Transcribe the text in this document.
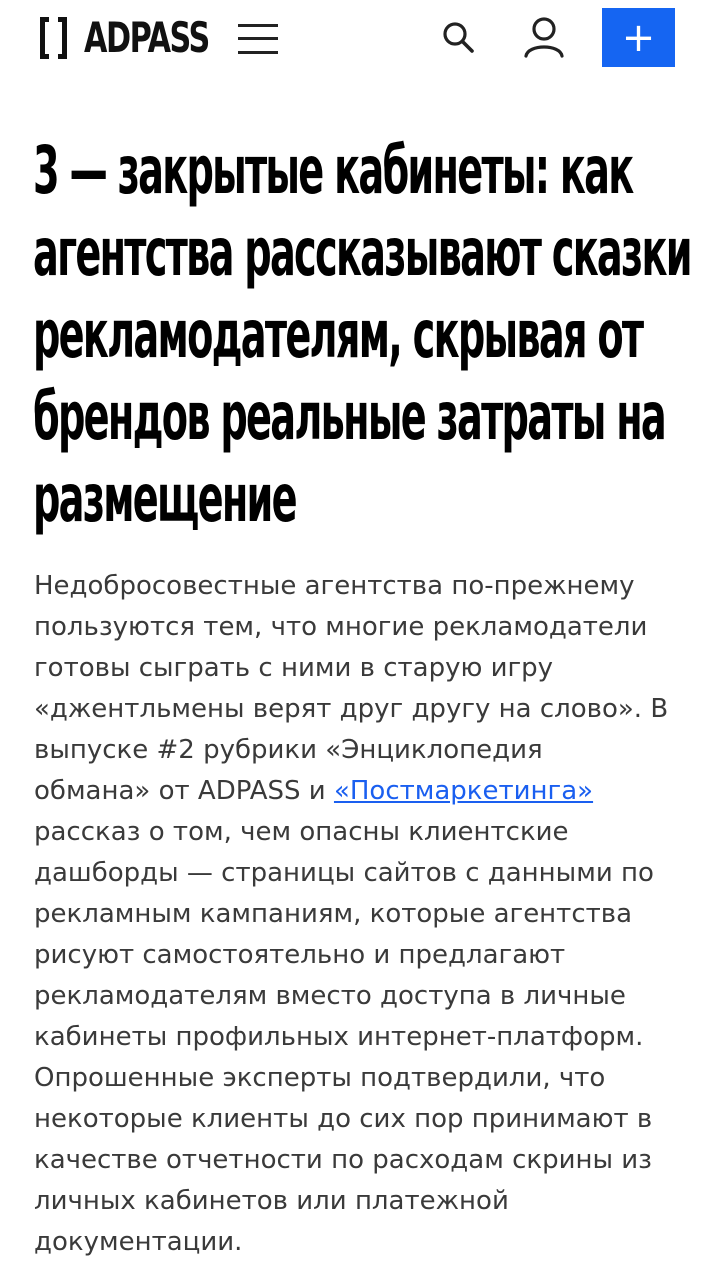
ADPASS	+
3 — закрытые кабинеты: как
агентства рассказывают сказки
рекламодателям, скрывая от
брендов реальные затраты на
размещение
Недобросовестные агентства по-прежнему
пользуются тем, что многие рекламодатели
готовы сыграть с ними в старую игру
«джентльмены верят друг другу на слово». В
выпуске #2 рубрики «Энциклопедия
обмана» от ADPASS и «Постмаркетинга»
рассказ о том, чем опасны клиентские
дашборды — страницы сайтов с данными по
рекламным кампаниям, которые агентства
рисуют самостоятельно и предлагают
рекламодателям вместо доступа в личные
кабинеты профильных интернет-платформ.
Опрошенные эксперты подтвердили, что
некоторые клиенты до сих пор принимают в
качестве отчетности по расходам скрины из
личных кабинетов или платежной
документации.
